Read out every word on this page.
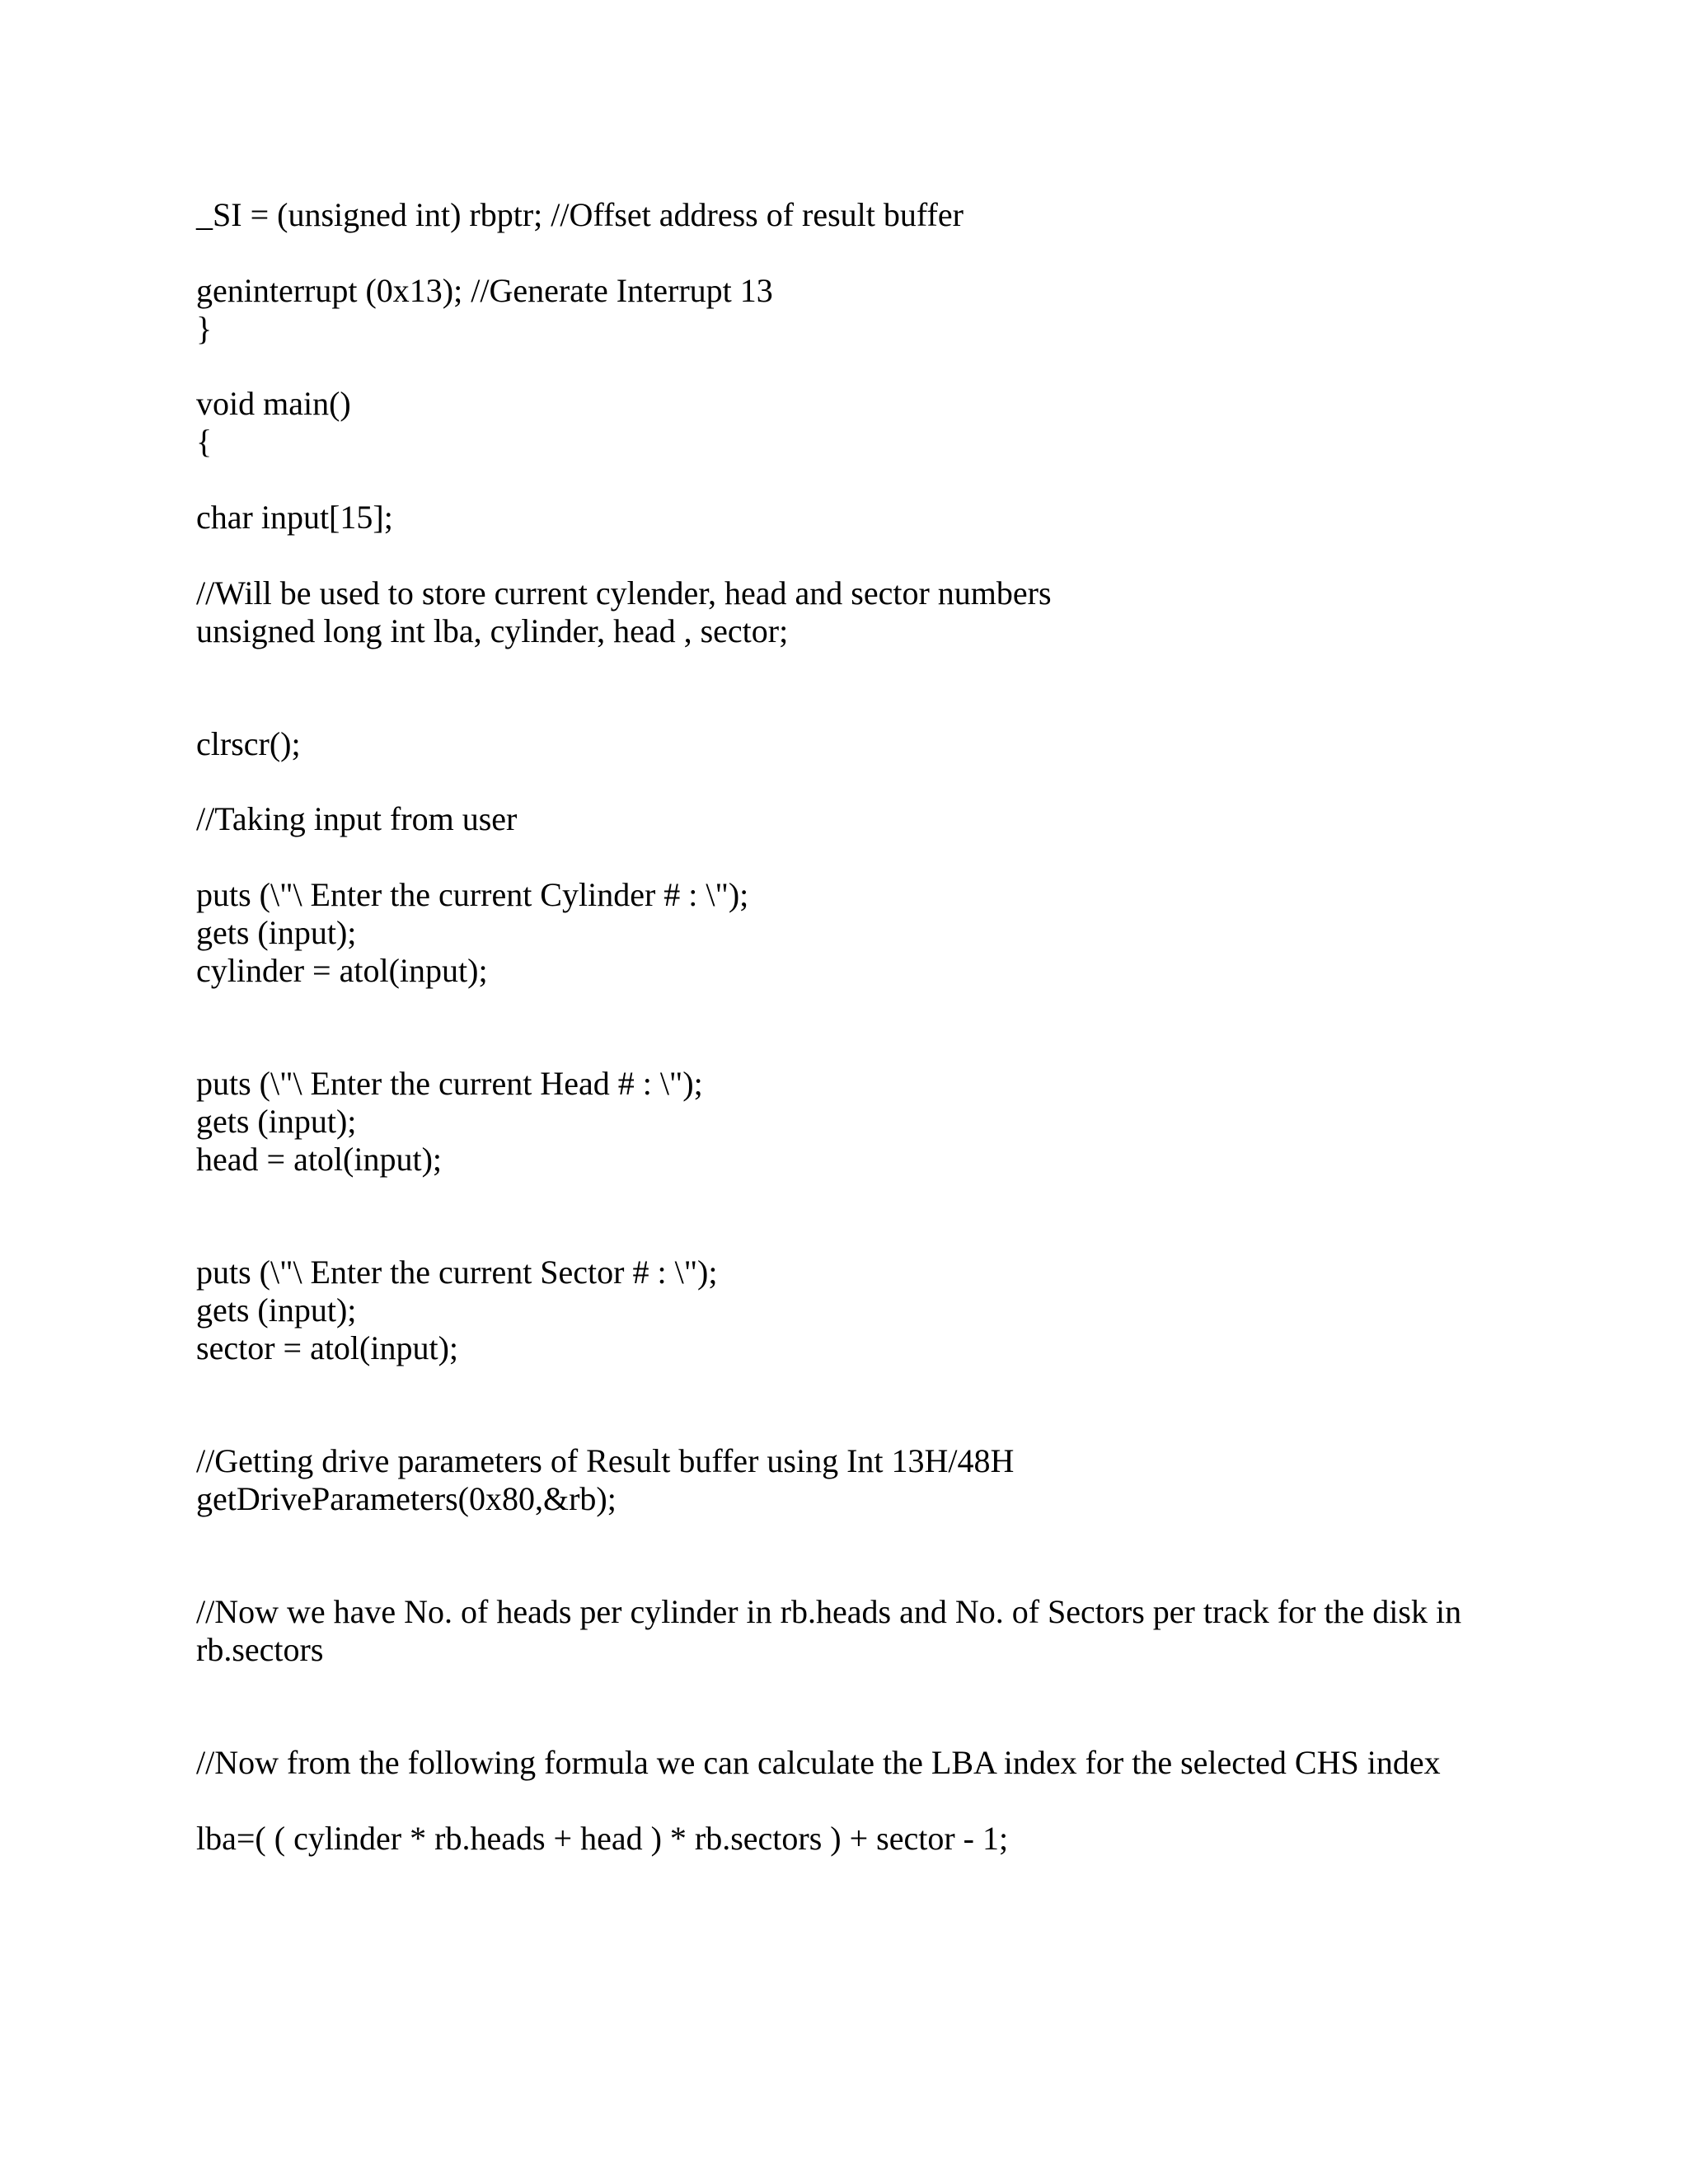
_SI = (unsigned int) rbptr; //Offset address of result buffer

geninterrupt (0x13); //Generate Interrupt 13

}

void main()

{

char input[15];

//Will be used to store current cylender, head and sector numbers

unsigned long int lba, cylinder, head , sector;

clrscr();

//Taking input from user

puts (\"\ Enter the current Cylinder # : \");

gets (input);

cylinder = atol(input);

puts (\"\ Enter the current Head # : \");

gets (input);

head = atol(input);

puts (\"\ Enter the current Sector # : \");

gets (input);

sector = atol(input);

//Getting drive parameters of Result buffer using Int 13H/48H

getDriveParameters(0x80,&rb);

//Now we have No. of heads per cylinder in rb.heads and No. of Sectors per track for the disk in

rb.sectors

//Now from the following formula we can calculate the LBA index for the selected CHS index

lba=( ( cylinder * rb.heads + head ) * rb.sectors ) + sector - 1;
